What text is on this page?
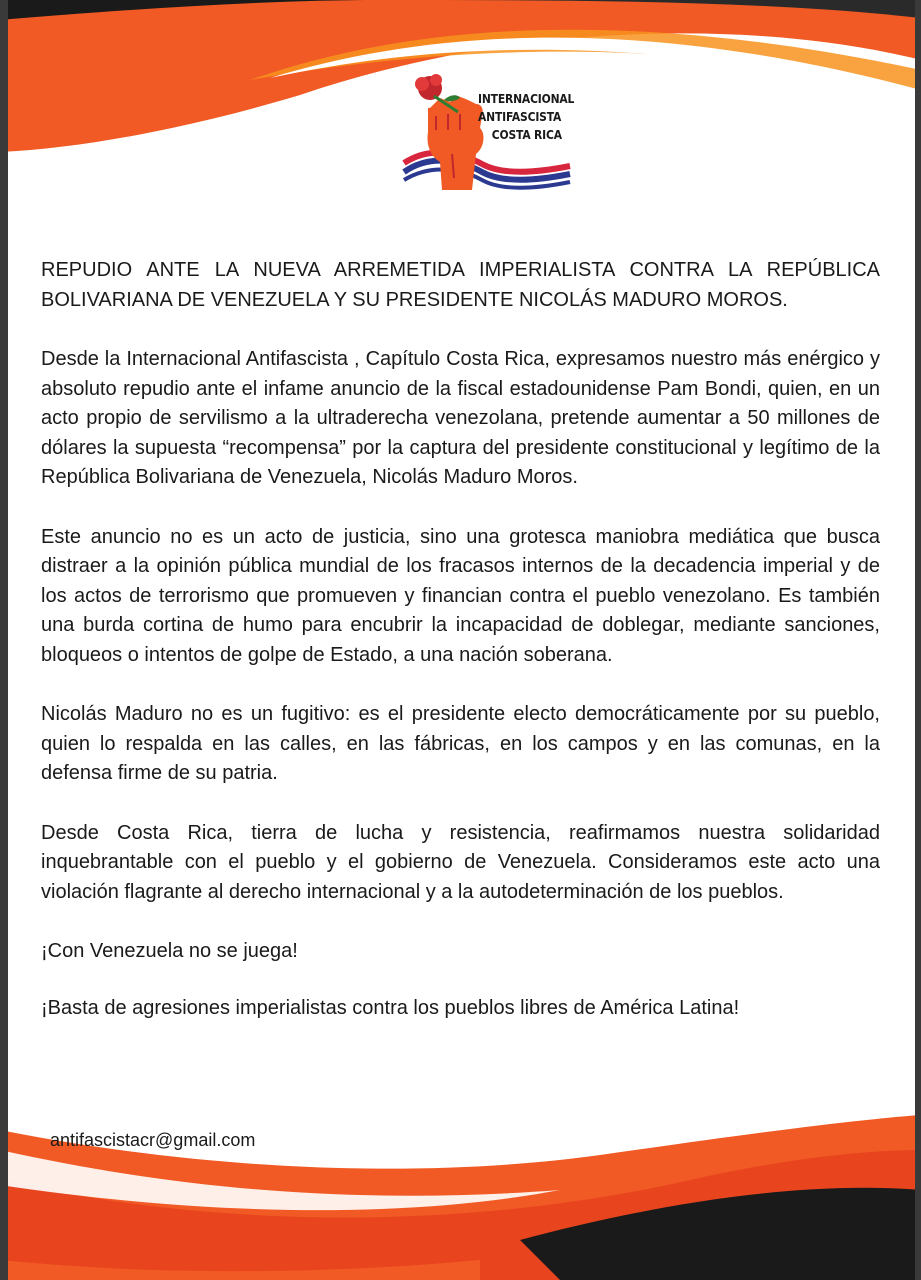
INTERNACIONAL
ANTIFASCISTA
COSTA RICA

REPUDIO ANTE LA NUEVA ARREMETIDA IMPERIALISTA CONTRA LA REPÚBLICA BOLIVARIANA DE VENEZUELA Y SU PRESIDENTE NICOLÁS MADURO MOROS.

Desde la Internacional Antifascista , Capítulo Costa Rica, expresamos nuestro más enérgico y absoluto repudio ante el infame anuncio de la fiscal estadounidense Pam Bondi, quien, en un acto propio de servilismo a la ultraderecha venezolana, pretende aumentar a 50 millones de dólares la supuesta “recompensa” por la captura del presidente constitucional y legítimo de la República Bolivariana de Venezuela, Nicolás Maduro Moros.

Este anuncio no es un acto de justicia, sino una grotesca maniobra mediática que busca distraer a la opinión pública mundial de los fracasos internos de la decadencia imperial y de los actos de terrorismo que promueven y financian contra el pueblo venezolano. Es también una burda cortina de humo para encubrir la incapacidad de doblegar, mediante sanciones, bloqueos o intentos de golpe de Estado, a una nación soberana.

Nicolás Maduro no es un fugitivo: es el presidente electo democráticamente por su pueblo, quien lo respalda en las calles, en las fábricas, en los campos y en las comunas, en la defensa firme de su patria.

Desde Costa Rica, tierra de lucha y resistencia, reafirmamos nuestra solidaridad inquebrantable con el pueblo y el gobierno de Venezuela. Consideramos este acto una violación flagrante al derecho internacional y a la autodeterminación de los pueblos.

¡Con Venezuela no se juega!

¡Basta de agresiones imperialistas contra los pueblos libres de América Latina!

antifascistacr@gmail.com
